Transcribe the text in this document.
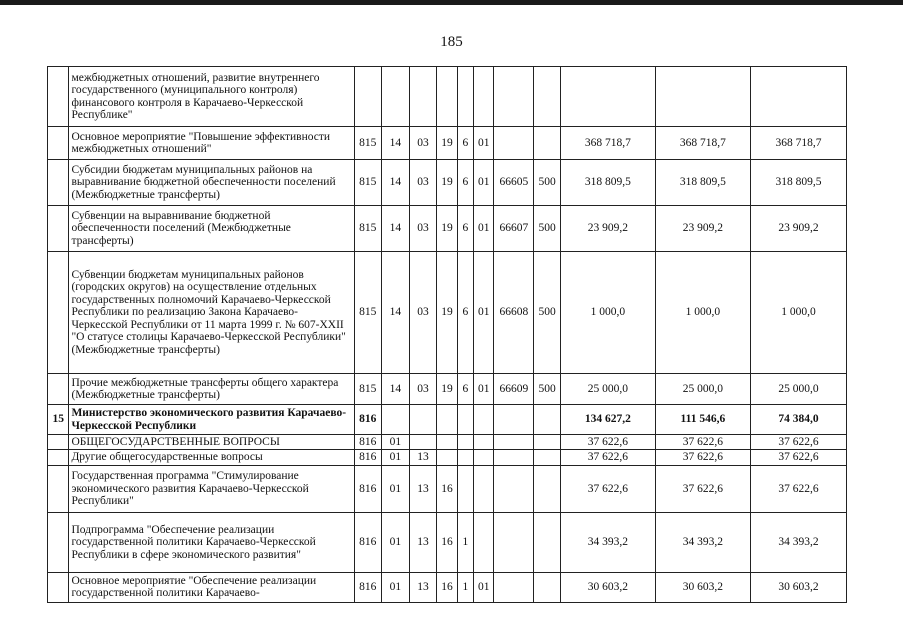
185
	межбюджетных отношений, развитие внутреннего государственного (муниципального контроля) финансового контроля в Карачаево-Черкесской Республике"											
	Основное мероприятие "Повышение эффективности межбюджетных отношений"	815	14	03	19	6	01			368 718,7	368 718,7	368 718,7
	Субсидии бюджетам муниципальных районов на выравнивание бюджетной обеспеченности поселений (Межбюджетные трансферты)	815	14	03	19	6	01	66605	500	318 809,5	318 809,5	318 809,5
	Субвенции на выравнивание бюджетной обеспеченности поселений (Межбюджетные трансферты)	815	14	03	19	6	01	66607	500	23 909,2	23 909,2	23 909,2
	Субвенции бюджетам муниципальных районов (городских округов) на осуществление отдельных государственных полномочий Карачаево-Черкесской Республики по реализацию Закона Карачаево-Черкесской Республики от 11 марта 1999 г. № 607-XXII "О статусе столицы Карачаево-Черкесской Республики" (Межбюджетные трансферты)	815	14	03	19	6	01	66608	500	1 000,0	1 000,0	1 000,0
	Прочие межбюджетные трансферты общего характера (Межбюджетные трансферты)	815	14	03	19	6	01	66609	500	25 000,0	25 000,0	25 000,0
15	Министерство экономического развития Карачаево-Черкесской Республики	816								134 627,2	111 546,6	74 384,0
	ОБЩЕГОСУДАРСТВЕННЫЕ ВОПРОСЫ	816	01							37 622,6	37 622,6	37 622,6
	Другие общегосударственные вопросы	816	01	13						37 622,6	37 622,6	37 622,6
	Государственная программа "Стимулирование экономического развития Карачаево-Черкесской Республики"	816	01	13	16					37 622,6	37 622,6	37 622,6
	Подпрограмма "Обеспечение реализации государственной политики Карачаево-Черкесской Республики в сфере экономического развития"	816	01	13	16	1				34 393,2	34 393,2	34 393,2
	Основное мероприятие "Обеспечение реализации государственной политики Карачаево-	816	01	13	16	1	01			30 603,2	30 603,2	30 603,2
